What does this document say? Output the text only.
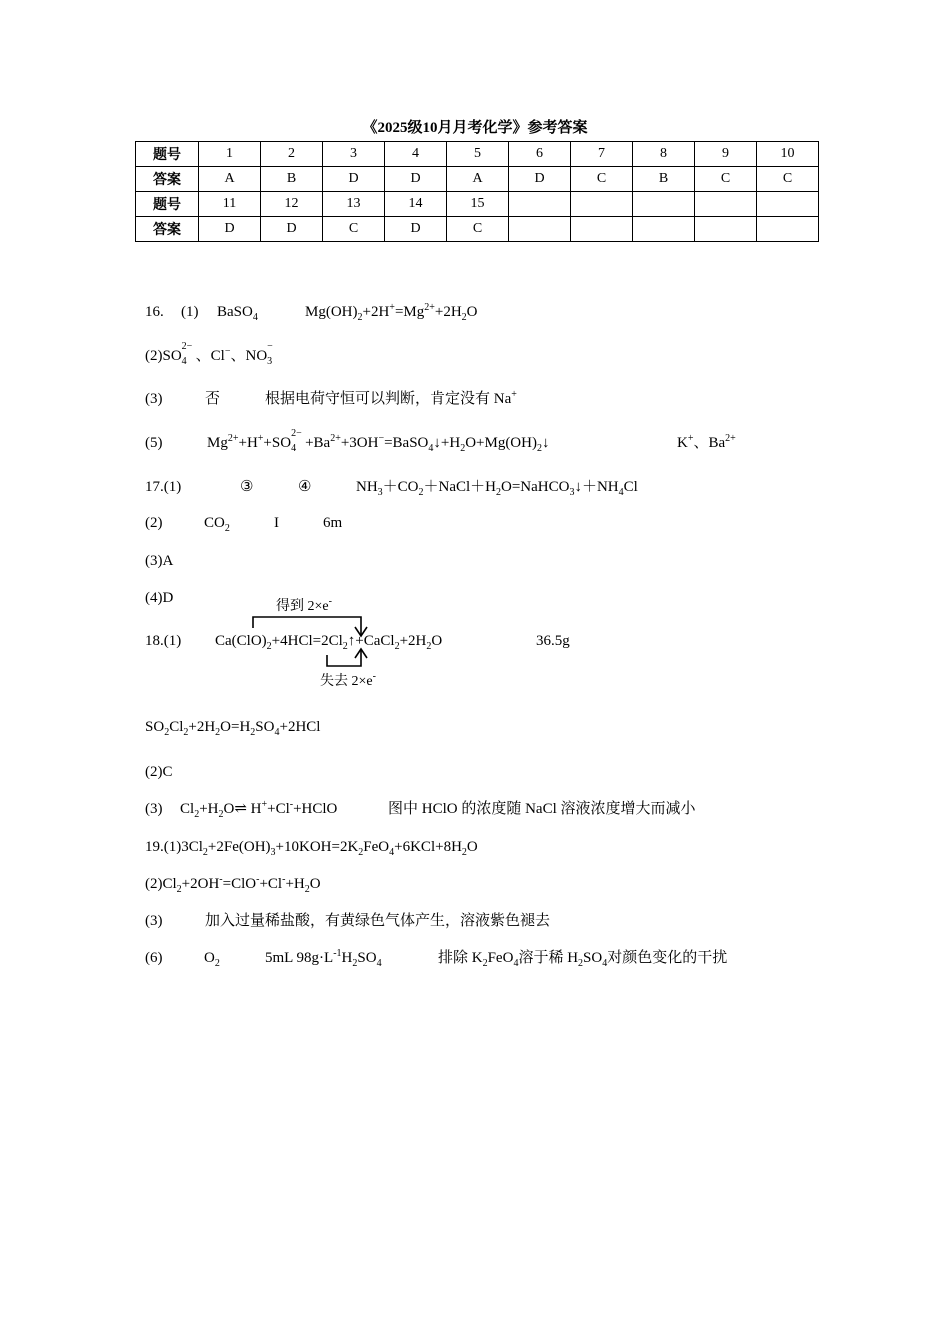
《2025级10月月考化学》参考答案
题号	1	2	3	4	5	6	7	8	9	10
答案	A	B	D	D	A	D	C	B	C	C
题号	11	12	13	14	15					
答案	D	D	C	D	C					
16. (1) BaSO$_4$	$Mg(OH)_2+2H^+=Mg^{2+}+2H_2O$
(2)SO
2−
4 、Cl−、NO
−
3
(3)	否	根据电荷守恒可以判断，肯定没有 Na+
(5)	$Mg^{2+}+H^++SO$
2−
$4 +Ba^{2+}+3OH^-=BaSO_4↓+H_2O+Mg(OH)_2↓$	K+、$Ba^{2+}$
17.(1)	③	④	$NH_3+CO_2+NaCl+H_2O=NaHCO_3↓+NH_4Cl$
(2)	$CO_2$	I	6m
(3)A
(4)D
18.(1) $Ca(ClO)_2+4HCl=2Cl_2↑+CaCl_2+2H_2O$	36.5g
$SO_2Cl_2+2H_2O=H_2SO_4+2HCl$
(2)C
(3) $Cl_2+H_2O\rightleftharpoons$ H++Cl-+HClO	图中 HClO 的浓度随 NaCl 溶液浓度增大而减小
$19.(1)3Cl_2+2Fe(OH)_3+10KOH=2K_2FeO_4+6KCl+8H_2O$
$(2)Cl_2+2OH^-=ClO^-+Cl^-+H_2O$
(3)	加入过量稀盐酸，有黄绿色气体产生，溶液紫色褪去
(6)	$O_2$	5mL $98g\cdot L^{-1}H_2SO_4$	排除 $K_2FeO_4$溶于稀 $H_2SO_4$对颜色变化的干扰
得到 2×e-
失去 2×e-
